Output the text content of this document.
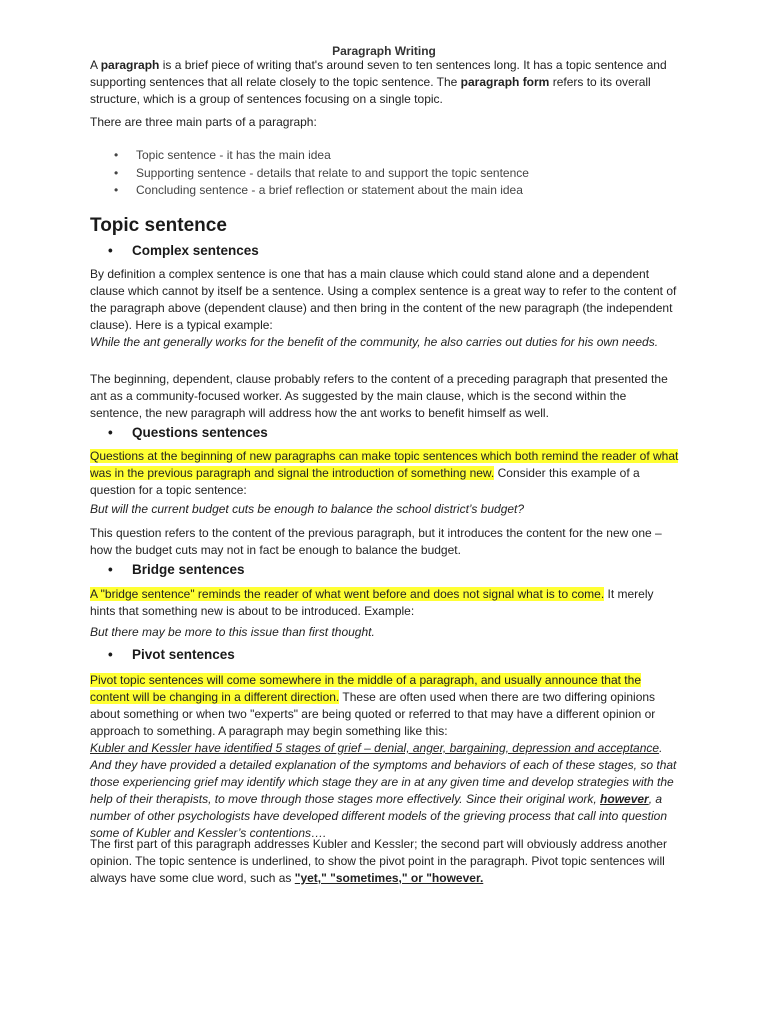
Paragraph Writing

A paragraph is a brief piece of writing that's around seven to ten sentences long. It has a topic sentence and supporting sentences that all relate closely to the topic sentence. The paragraph form refers to its overall structure, which is a group of sentences focusing on a single topic.

There are three main parts of a paragraph:

• Topic sentence - it has the main idea
• Supporting sentence - details that relate to and support the topic sentence
• Concluding sentence - a brief reflection or statement about the main idea
Topic sentence
•Complex sentences

By definition a complex sentence is one that has a main clause which could stand alone and a dependent clause which cannot by itself be a sentence. Using a complex sentence is a great way to refer to the content of the paragraph above (dependent clause) and then bring in the content of the new paragraph (the independent clause). Here is a typical example:

While the ant generally works for the benefit of the community, he also carries out duties for his own needs.

The beginning, dependent, clause probably refers to the content of a preceding paragraph that presented the ant as a community-focused worker. As suggested by the main clause, which is the second within the sentence, the new paragraph will address how the ant works to benefit himself as well.

•Questions sentences

Questions at the beginning of new paragraphs can make topic sentences which both remind the reader of what was in the previous paragraph and signal the introduction of something new. Consider this example of a question for a topic sentence:

But will the current budget cuts be enough to balance the school district’s budget?

This question refers to the content of the previous paragraph, but it introduces the content for the new one – how the budget cuts may not in fact be enough to balance the budget.

•Bridge sentences

A "bridge sentence" reminds the reader of what went before and does not signal what is to come. It merely hints that something new is about to be introduced. Example:

But there may be more to this issue than first thought.

•Pivot sentences

Pivot topic sentences will come somewhere in the middle of a paragraph, and usually announce that the content will be changing in a different direction. These are often used when there are two differing opinions about something or when two "experts" are being quoted or referred to that may have a different opinion or approach to something. A paragraph may begin something like this:

Kubler and Kessler have identified 5 stages of grief – denial, anger, bargaining, depression and acceptance. And they have provided a detailed explanation of the symptoms and behaviors of each of these stages, so that those experiencing grief may identify which stage they are in at any given time and develop strategies with the help of their therapists, to move through those stages more effectively. Since their original work, however, a number of other psychologists have developed different models of the grieving process that call into question some of Kubler and Kessler’s contentions….

The first part of this paragraph addresses Kubler and Kessler; the second part will obviously address another opinion. The topic sentence is underlined, to show the pivot point in the paragraph. Pivot topic sentences will always have some clue word, such as "yet," "sometimes," or "however.
